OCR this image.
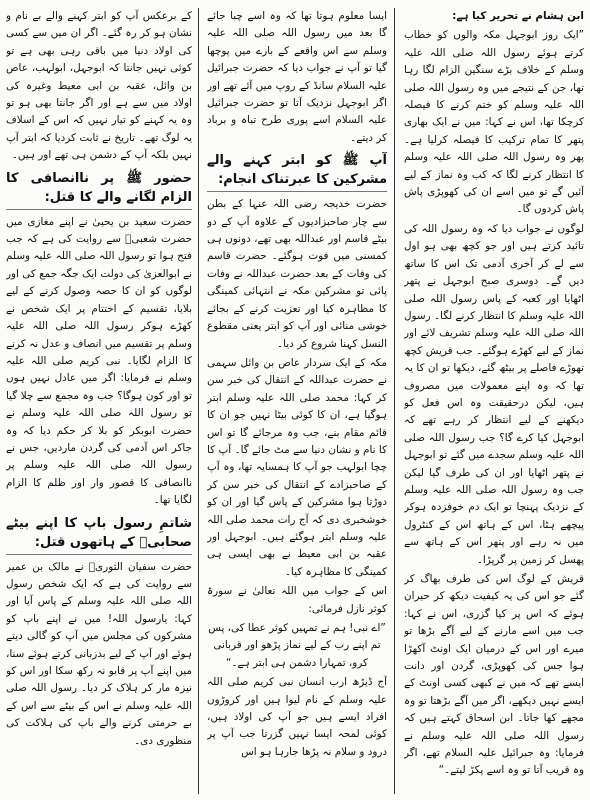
ابن ہشام نے تحریر کیا ہے:

”ایک روز ابوجہل مکہ والوں کو خطاب کرتے ہوئے رسول اللہ صلی اللہ علیہ وسلم کے خلاف بڑے سنگین الزام لگا رہا تھا، جن کے نتیجے میں وہ رسول اللہ صلی اللہ علیہ وسلم کو ختم کرنے کا فیصلہ کرچکا تھا، اس نے کہا: میں نے ایک بھاری پتھر کا تمام ترکیب کا فیصلہ کرلیا ہے۔ پھر وہ رسول اللہ صلی اللہ علیہ وسلم کا انتظار کرنے لگا کہ کب وہ نماز کے لیے آئیں گے تو میں اسے ان کی کھوپڑی پاش پاش کردوں گا۔

لوگوں نے جواب دیا کہ وہ رسول اللہ کی تائید کرتے ہیں اور جو کچھ بھی ہو اول سے لے کر آخری آدمی تک اس کا ساتھ دیں گے۔ دوسری صبح ابوجہل نے پتھر اٹھایا اور کعبہ کے پاس رسول اللہ صلی اللہ علیہ وسلم کا انتظار کرنے لگا۔ رسول اللہ صلی اللہ علیہ وسلم تشریف لائے اور نماز کے لیے کھڑے ہوگئے۔ جب قریش کچھ تھوڑے فاصلے پر بیٹھ گئے، دیکھا تو ان کا یہ تھا کہ وہ اپنے معمولات میں مصروف ہیں، لیکن درحقیقت وہ اس فعل کو دیکھنے کے لیے انتظار کر رہے تھے کہ ابوجہل کیا کرے گا؟ جب رسول اللہ صلی اللہ علیہ وسلم سجدے میں گئے تو ابوجہل نے پتھر اٹھایا اور ان کی طرف گیا لیکن جب وہ رسول اللہ صلی اللہ علیہ وسلم کے نزدیک پہنچا تو ایک دم خوفزدہ ہوکر پیچھے ہٹا، اس کے ہاتھ اس کے کنٹرول میں نہ رہے اور پتھر اس کے ہاتھ سے پھسل کر زمین پر گرپڑا۔

قریش کے لوگ اس کی طرف بھاگ کر گئے جو اس کی یہ کیفیت دیکھ کر حیران ہوئے کہ اس پر کیا گزری، اس نے کہا: جب میں اسے مارنے کے لیے آگے بڑھا تو میرے اور اس کے درمیان ایک اونٹ آکھڑا ہوا جس کی کھوپڑی، گردن اور دانت ایسے تھے کہ میں نے کبھی کسی اونٹ کے ایسے نہیں دیکھے، اگر میں آگے بڑھتا تو وہ مجھے کھا جاتا۔ ابن اسحاق کہتے ہیں کہ رسول اللہ صلی اللہ علیہ وسلم نے فرمایا: وہ جبرائیل علیہ السلام تھے، اگر وہ قریب آتا تو وہ اسے پکڑ لیتے۔“

ایسا معلوم ہوتا تھا کہ وہ اسے چبا جائے گا بعد میں رسول اللہ صلی اللہ علیہ وسلم سے اس واقعے کے بارے میں پوچھا گیا تو آپ نے جواب دیا کہ حضرت جبرائیل علیہ السلام سانڈ کے روپ میں آئے تھے اور اگر ابوجہل نزدیک آتا تو حضرت جبرائیل علیہ السلام اسے پوری طرح تباہ و برباد کر دیتے۔

آپ ﷺ کو ابتر کہنے والے مشرکین کا عبرتناک انجام:

حضرت خدیجہ رضی اللہ عنہا کے بطن سے چار صاحبزادیوں کے علاوہ آپ کے دو بیٹے قاسم اور عبداللہ بھی تھے، دونوں ہی کمسنی میں فوت ہوگئے۔ حضرت قاسم کی وفات کے بعد حضرت عبداللہ نے وفات پائی تو مشرکین مکہ نے انتہائی کمینگی کا مظاہرہ کیا اور تعزیت کرنے کے بجائے خوشی منائی اور آپ کو ابتر یعنی مقطوع النسل کہنا شروع کر دیا۔

مکہ کے ایک سردار عاص بن وائل سہمی نے حضرت عبداللہ کے انتقال کی خبر سن کر کہا: محمد صلی اللہ علیہ وسلم ابتر ہوگیا ہے، ان کا کوئی بیٹا نہیں جو ان کا قائم مقام بنے، جب وہ مرجائے گا تو اس کا نام و نشان دنیا سے مٹ جائے گا۔ آپ کا چچا ابولہب جو آپ کا ہمسایہ تھا، وہ آپ کے صاحبزادے کے انتقال کی خبر سن کر دوڑتا ہوا مشرکین کے پاس گیا اور ان کو خوشخبری دی کہ آج رات محمد صلی اللہ علیہ وسلم ابتر ہوگئے ہیں۔ ابوجہل اور عقبہ بن ابی معیط نے بھی ایسی ہی کمینگی کا مظاہرہ کیا۔

اس کے جواب میں اللہ تعالیٰ نے سورۃ کوثر نازل فرمائی:

”اے نبی! ہم نے تمہیں کوثر عطا کی، پس تم اپنے رب کے لیے نماز پڑھو اور قربانی کرو، تمہارا دشمن ہی ابتر ہے۔“

آج ڈیڑھ ارب انسان نبی کریم صلی اللہ علیہ وسلم کے نام لیوا ہیں اور کروڑوں افراد ایسے ہیں جو آپ کی اولاد ہیں، کوئی لمحہ ایسا نہیں گزرتا جب آپ پر درود و سلام نہ پڑھا جارہا ہو اس

کے برعکس آپ کو ابتر کہنے والے بے نام و نشان ہو کر رہ گئے۔ اگر ان میں سے کسی کی اولاد دنیا میں باقی رہی بھی ہے تو کوئی نہیں جانتا کہ ابوجہل، ابولہب، عاص بن وائل، عقبہ بن ابی معیط وغیرہ کی اولاد میں سے ہے اور اگر جانتا بھی ہو تو وہ یہ کہنے کو تیار نہیں کہ اس کے اسلاف یہ لوگ تھے۔ تاریخ نے ثابت کردیا کہ ابتر آپ نہیں بلکہ آپ کے دشمن ہی تھے اور ہیں۔

حضور ﷺ پر ناانصافی کا الزام لگانے والے کا قتل:

حضرت سعید بن یحییٰ نے اپنے مغازی میں حضرت شعبیؒ سے روایت کی ہے کہ جب فتح ہوا تو رسول اللہ صلی اللہ علیہ وسلم نے ابوالعزیٰ کی دولت ایک جگہ جمع کی اور لوگوں کو ان کا حصہ وصول کرنے کے لیے بلایا، تقسیم کے اختتام پر ایک شخص نے کھڑے ہوکر رسول اللہ صلی اللہ علیہ وسلم پر تقسیم میں انصاف و عدل نہ کرنے کا الزام لگایا۔ نبی کریم صلی اللہ علیہ وسلم نے فرمایا: اگر میں عادل نہیں ہوں تو اور کون ہوگا؟ جب وہ مجمع سے چلا گیا تو رسول اللہ صلی اللہ علیہ وسلم نے حضرت ابوبکر کو بلا کر حکم دیا کہ وہ جاکر اس آدمی کی گردن ماردیں، جس نے رسول اللہ صلی اللہ علیہ وسلم پر ناانصافی کا قصور وار اور ظلم کا الزام لگایا تھا۔

شاتمِ رسول باپ کا اپنے بیٹے صحابیؓ کے ہاتھوں قتل:

حضرت سفیان الثوریؒ نے مالک بن عمیر سے روایت کی ہے کہ ایک شخص رسول اللہ صلی اللہ علیہ وسلم کے پاس آیا اور کہا: یارسول اللہ! میں نے اپنے باپ کو مشرکوں کی مجلس میں آپ کو گالی دیتے ہوئے اور آپ کے لیے بدزبانی کرتے ہوئے سنا، میں اپنے آپ پر قابو نہ رکھ سکا اور اس کو نیزہ مار کر ہلاک کر دیا۔ رسول اللہ صلی اللہ علیہ وسلم نے اس کے بیٹے سے اس کے بے حرمتی کرنے والے باپ کی ہلاکت کی منظوری دی۔
